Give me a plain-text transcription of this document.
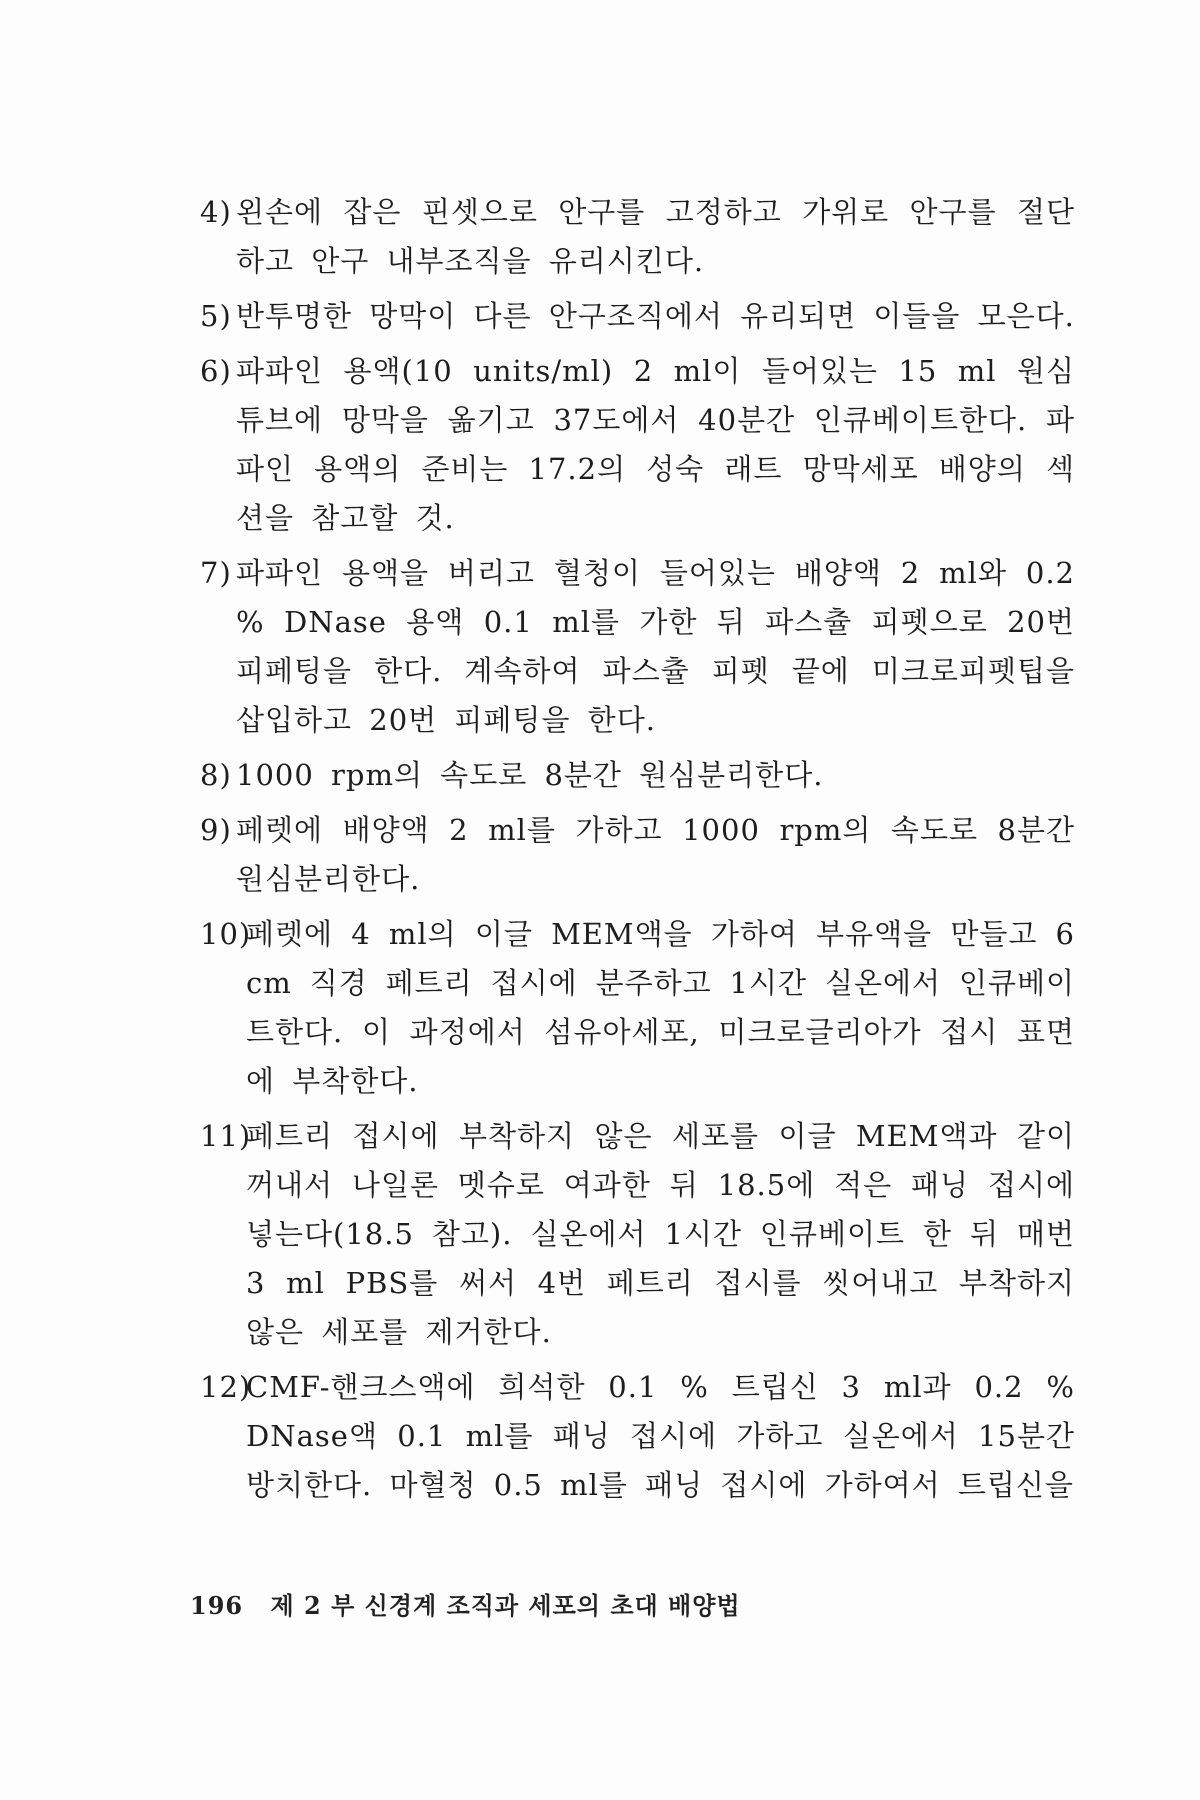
4) 왼손에 잡은 핀셋으로 안구를 고정하고 가위로 안구를 절단하고 안구 내부조직을 유리시킨다.

5) 반투명한 망막이 다른 안구조직에서 유리되면 이들을 모은다.

6) 파파인 용액(10 units/ml) 2 ml이 들어있는 15 ml 원심튜브에 망막을 옮기고 37도에서 40분간 인큐베이트한다. 파파인 용액의 준비는 17.2의 성숙 래트 망막세포 배양의 섹션을 참고할 것.

7) 파파인 용액을 버리고 혈청이 들어있는 배양액 2 ml와 0.2 % DNase 용액 0.1 ml를 가한 뒤 파스츌 피펫으로 20번 피페팅을 한다. 계속하여 파스츌 피펫 끝에 미크로피펫팁을 삽입하고 20번 피페팅을 한다.

8) 1000 rpm의 속도로 8분간 원심분리한다.

9) 페렛에 배양액 2 ml를 가하고 1000 rpm의 속도로 8분간 원심분리한다.

10)
페렛에 4 ml의 이글 MEM액을 가하여 부유액을 만들고 6 cm 직경 페트리 접시에 분주하고 1시간 실온에서 인큐베이트한다. 이 과정에서 섬유아세포, 미크로글리아가 접시 표면에 부착한다.

11)
페트리 접시에 부착하지 않은 세포를 이글 MEM액과 같이 꺼내서 나일론 멧슈로 여과한 뒤 18.5에 적은 패닝 접시에 넣는다(18.5 참고). 실온에서 1시간 인큐베이트 한 뒤 매번 3 ml PBS를 써서 4번 페트리 접시를 씻어내고 부착하지 않은 세포를 제거한다.

12)
CMF-핸크스액에 희석한 0.1 % 트립신 3 ml과 0.2 % DNase액 0.1 ml를 패닝 접시에 가하고 실온에서 15분간 방치한다. 마혈청 0.5 ml를 패닝 접시에 가하여서 트립신을

196 제 2 부 신경계 조직과 세포의 초대 배양법
